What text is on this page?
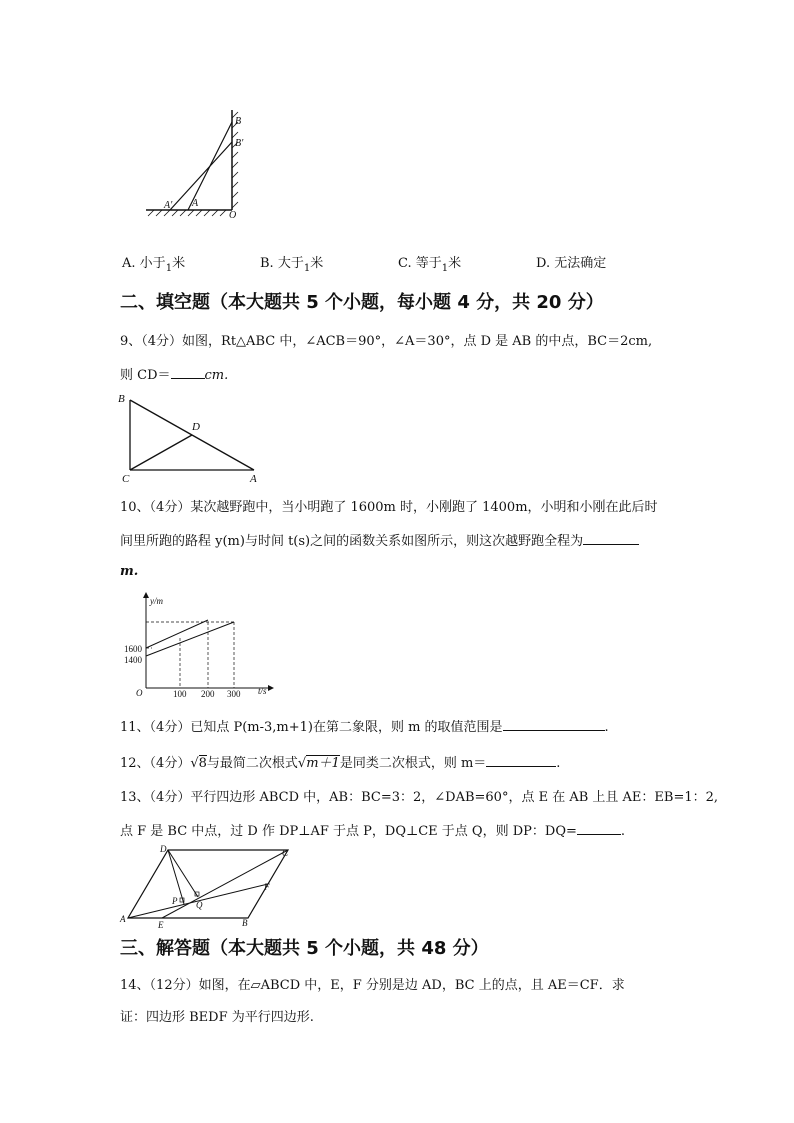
B
B'
A' A
O
A. 小于$_1$米	B. 大于$_1$米	C. 等于$_1$米	D. 无法确定
二、填空题（本大题共 5 个小题，每小题 4 分，共 20 分）
9、（4分）如图，Rt△ABC 中，∠ACB＝90°，∠A＝30°，点 D 是 AB 的中点，BC＝2cm,
则 CD＝	cm.
B
D
C	A
10、（4分）某次越野跑中，当小明跑了 1600m 时，小刚跑了 1400m，小明和小刚在此后时
间里所跑的路程 y(m)与时间 t(s)之间的函数关系如图所示，则这次越野跑全程为
m.
y/m
t/s
O
1600
1400
100 200 300
11、（4分）已知点 P(m-3,m+1)在第二象限，则 m 的取值范围是	.
12、（4分）√8与最简二次根式√m＋1是同类二次根式，则 m＝	.
13、（4分）平行四边形 ABCD 中，AB：BC=3：2，∠DAB=60°，点 E 在 AB 上且 AE：EB=1：2,
点 F 是 BC 中点，过 D 作 DP⊥AF 于点 P，DQ⊥CE 于点 Q，则 DP：DQ=	.
D	C
F
P Q
A
E	B
三、解答题（本大题共 5 个小题，共 48 分）
14、（12分）如图，在▱ABCD 中，E，F 分别是边 AD，BC 上的点，且 AE＝CF．求
证：四边形 BEDF 为平行四边形.
